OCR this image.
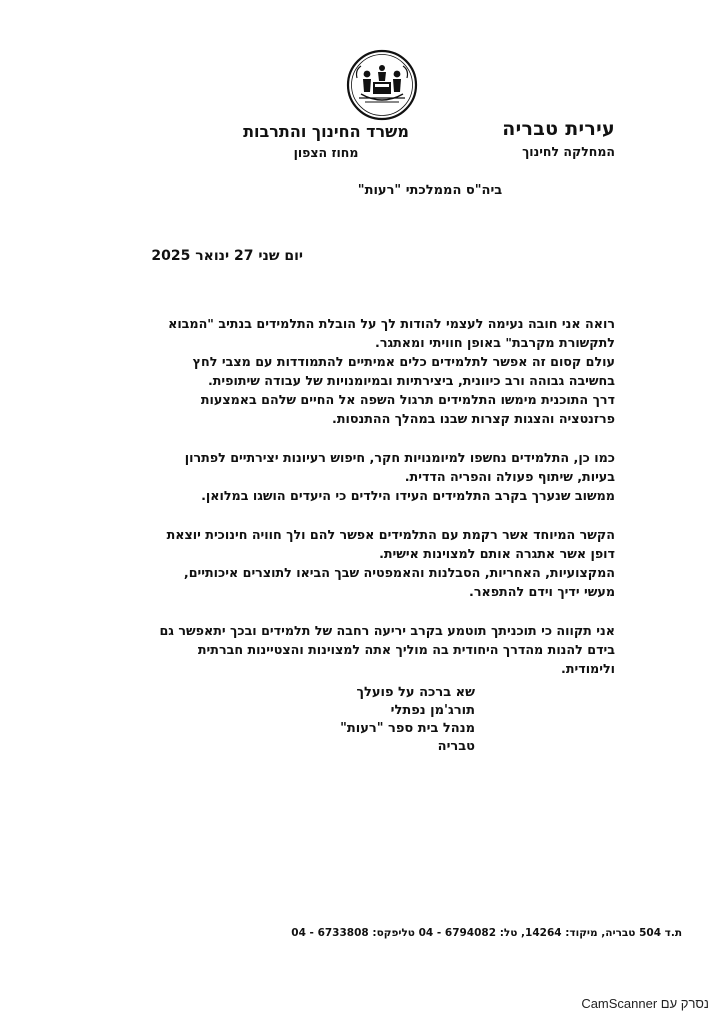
עירית טבריה
המחלקה לחינוך
משרד החינוך והתרבות
מחוז הצפון
ביה"ס הממלכתי "רעות"
יום שני 27 ינואר 2025

רואה אני חובה נעימה לעצמי להודות לך על הובלת התלמידים בנתיב "המבוא

לתקשורת מקרבת" באופן חוויתי ומאתגר.

עולם קסום זה אפשר לתלמידים כלים אמיתיים להתמודדות עם מצבי לחץ

בחשיבה גבוהה ורב כיוונית, ביצירתיות ובמיומנויות של עבודה שיתופית.

דרך התוכנית מימשו התלמידים תרגול השפה אל החיים שלהם באמצעות

פרזנטציה והצגות קצרות שבנו במהלך ההתנסות.

כמו כן, התלמידים נחשפו למיומנויות חקר, חיפוש רעיונות יצירתיים לפתרון

בעיות, שיתוף פעולה והפריה הדדית.

ממשוב שנערך בקרב התלמידים העידו הילדים כי היעדים הושגו במלואן.

הקשר המיוחד אשר רקמת עם התלמידים אפשר להם ולך חוויה חינוכית יוצאת

דופן אשר אתגרה אותם למצוינות אישית.

המקצועיות, האחריות, הסבלנות והאמפטיה שבך הביאו לתוצרים איכותיים,

מעשי ידיך וידם להתפאר.

אני תקווה כי תוכניתך תוטמע בקרב יריעה רחבה של תלמידים ובכך יתאפשר גם

בידם להנות מהדרך היחודית בה מוליך אתה למצוינות והצטיינות חברתית

ולימודית.

שא ברכה על פועלך
תורג'מן נפתלי
מנהל בית ספר "רעות"
טבריה
ת.ד 504 טבריה, מיקוד: 14264, טל: 6794082 - 04 טליפקס: 6733808 - 04
נסרק עם CamScanner
